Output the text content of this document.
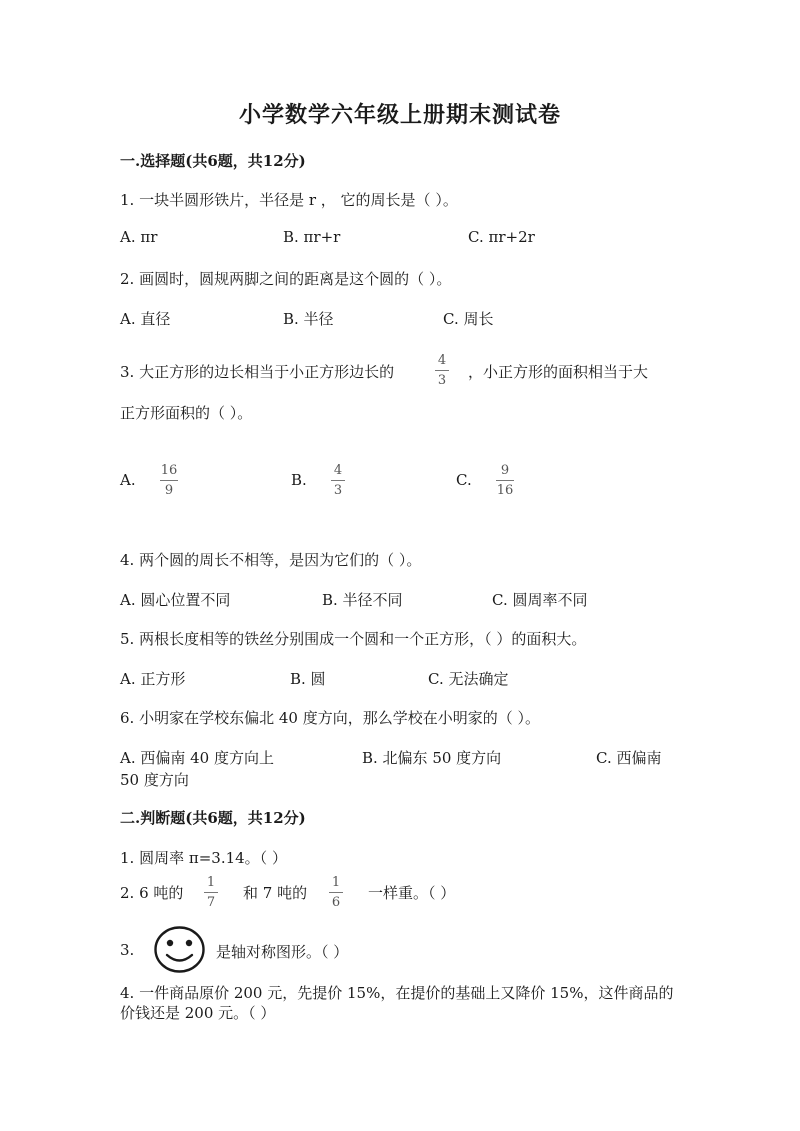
小学数学六年级上册期末测试卷
一.选择题(共6题，共12分)
1. 一块半圆形铁片，半径是 r ， 它的周长是（ ）。
A. πr	B. πr+r	C. πr+2r
2. 画圆时，圆规两脚之间的距离是这个圆的（ ）。
A. 直径	B. 半径	C. 周长
3. 大正方形的边长相当于小正方形边长的
4
3 ，小正方形的面积相当于大
正方形面积的（ ）。
A.
16
9
B.
4
3
C.
9
16
4. 两个圆的周长不相等，是因为它们的（ ）。
A. 圆心位置不同	B. 半径不同	C. 圆周率不同
5. 两根长度相等的铁丝分别围成一个圆和一个正方形，（ ）的面积大。
A. 正方形	B. 圆	C. 无法确定
6. 小明家在学校东偏北 40 度方向，那么学校在小明家的（ ）。
A. 西偏南 40 度方向上	B. 北偏东 50 度方向	C. 西偏南
50 度方向
二.判断题(共6题，共12分)
1. 圆周率 π=3.14。（ ）
2. 6 吨的
1
7
和 7 吨的
1
6
一样重。（ ）
3.	是轴对称图形。（ ）
4. 一件商品原价 200 元，先提价 15%，在提价的基础上又降价 15%，这件商品的
价钱还是 200 元。（ ）
